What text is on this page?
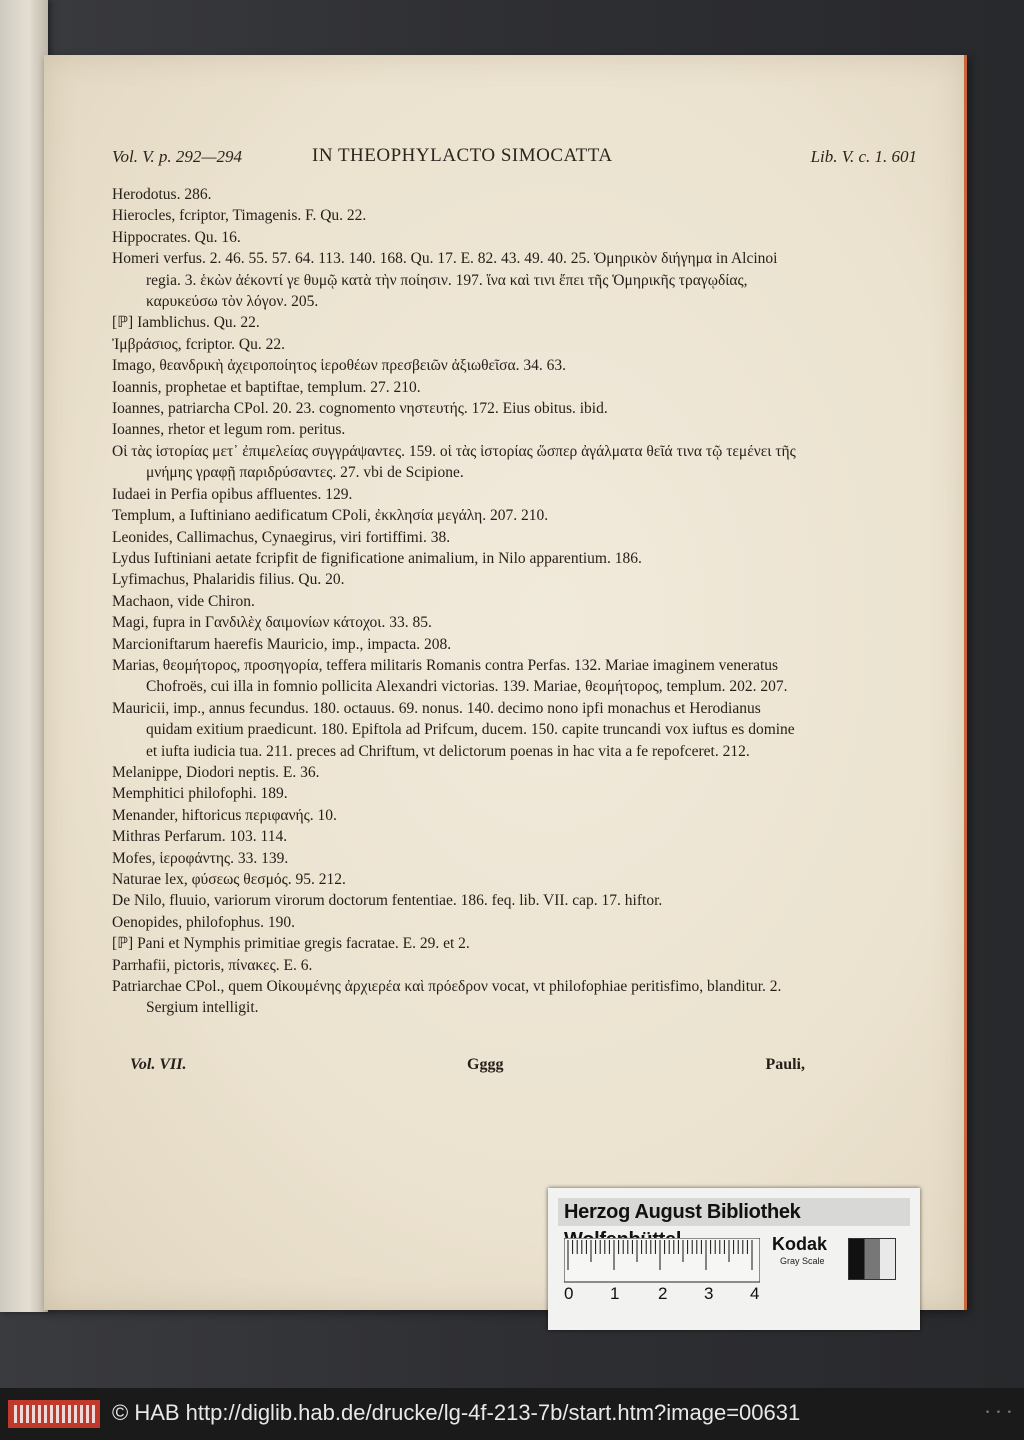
Vol. V. p. 292—294	IN THEOPHYLACTO SIMOCATTA	Lib. V. c. 1. 601

Herodotus. 286.

Hierocles, fcriptor, Timagenis. F. Qu. 22.

Hippocrates. Qu. 16.

Homeri verfus. 2. 46. 55. 57. 64. 113. 140. 168. Qu. 17. E. 82. 43. 49. 40. 25. Ὁμηρικὸν διήγημα in Alcinoi regia. 3. ἑκὼν ἀέκοντί γε θυμῷ κατὰ τὴν ποίησιν. 197. ἵνα καὶ τινι ἔπει τῆς Ὁμηρικῆς τραγῳδίας, καρυκεύσω τὸν λόγον. 205.

[ℙ] Iamblichus. Qu. 22.

Ἰμβράσιος, fcriptor. Qu. 22.

Imago, θεανδρικὴ ἀχειροποίητος ἱεροθέων πρεσβειῶν ἀξιωθεῖσα. 34. 63.

Ioannis, prophetae et baptiftae, templum. 27. 210.

Ioannes, patriarcha CPol. 20. 23. cognomento νηστευτής. 172. Eius obitus. ibid.

Ioannes, rhetor et legum rom. peritus.

Οἱ τὰς ἱστορίας μετ᾽ ἐπιμελείας συγγράψαντες. 159. οἱ τὰς ἱστορίας ὥσπερ ἀγάλματα θεῖά τινα τῷ τεμένει τῆς μνήμης γραφῇ παριδρύσαντες. 27. vbi de Scipione.

Iudaei in Perfia opibus affluentes. 129.

Templum, a Iuftiniano aedificatum CPoli, ἐκκλησία μεγάλη. 207. 210.

Leonides, Callimachus, Cynaegirus, viri fortiffimi. 38.

Lydus Iuftiniani aetate fcripfit de fignificatione animalium, in Nilo apparentium. 186.

Lyfimachus, Phalaridis filius. Qu. 20.

Machaon, vide Chiron.

Magi, fupra in Γανδιλὲχ δαιμονίων κάτοχοι. 33. 85.

Marcioniftarum haerefis Mauricio, imp., impacta. 208.

Marias, θεομήτορος, προσηγορία, teffera militaris Romanis contra Perfas. 132. Mariae imaginem veneratus Chofroës, cui illa in fomnio pollicita Alexandri victorias. 139. Mariae, θεομήτορος, templum. 202. 207.

Mauricii, imp., annus fecundus. 180. octauus. 69. nonus. 140. decimo nono ipfi monachus et Herodianus quidam exitium praedicunt. 180. Epiftola ad Prifcum, ducem. 150. capite truncandi vox iuftus es domine et iufta iudicia tua. 211. preces ad Chriftum, vt delictorum poenas in hac vita a fe repofceret. 212.

Melanippe, Diodori neptis. E. 36.

Memphitici philofophi. 189.

Menander, hiftoricus περιφανής. 10.

Mithras Perfarum. 103. 114.

Mofes, ἱεροφάντης. 33. 139.

Naturae lex, φύσεως θεσμός. 95. 212.

De Nilo, fluuio, variorum virorum doctorum fententiae. 186. feq. lib. VII. cap. 17. hiftor.

Oenopides, philofophus. 190.

[ℙ] Pani et Nymphis primitiae gregis facratae. E. 29. et 2.

Parrhafii, pictoris, πίνακες. E. 6.

Patriarchae CPol., quem Οἰκουμένης ἀρχιερέα καὶ πρόεδρον vocat, vt philofophiae peritisfimo, blanditur. 2. Sergium intelligit.

Vol. VII.	Gggg	Pauli,
Herzog August Bibliothek
Kodak
Gray Scale
0 1 2 3 4
© HAB http://diglib.hab.de/drucke/lg-4f-213-7b/start.htm?image=00631	• • •
